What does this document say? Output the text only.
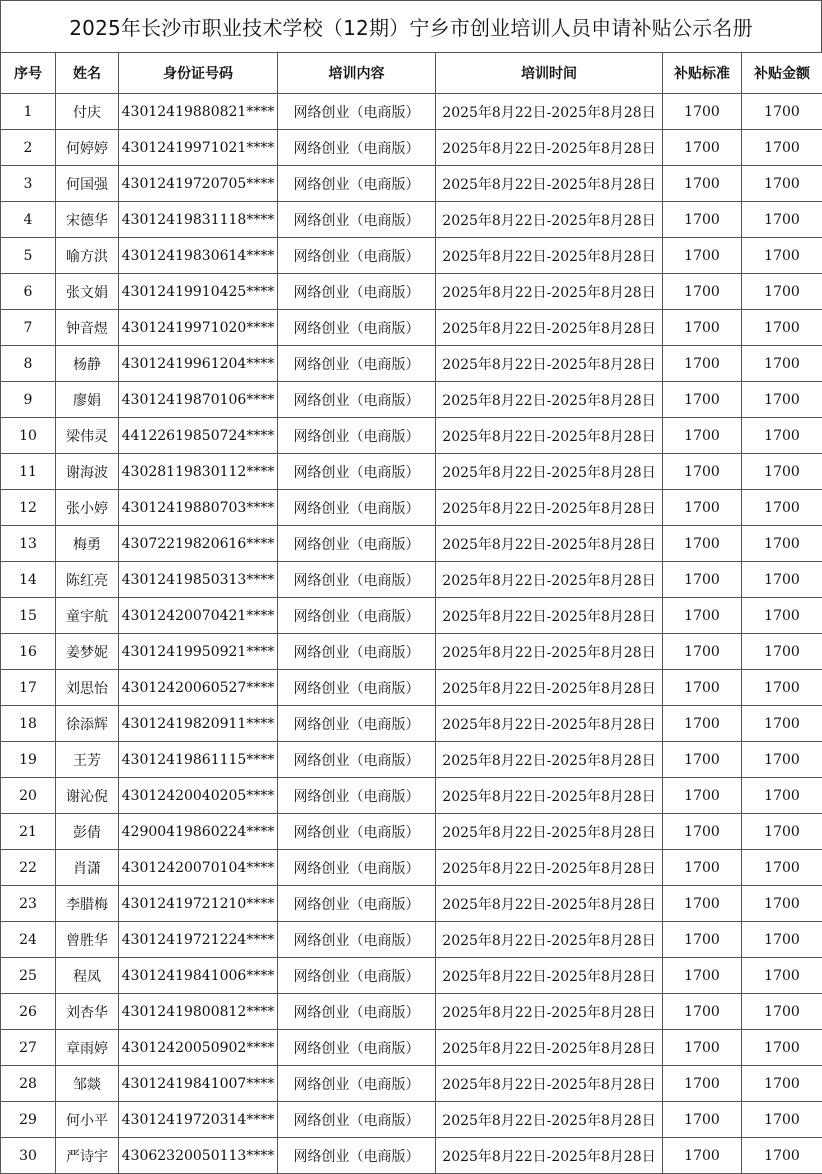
2025年长沙市职业技术学校（12期）宁乡市创业培训人员申请补贴公示名册
序号	姓名	身份证号码	培训内容	培训时间	补贴标准	补贴金额
1	付庆	43012419880821****	网络创业（电商版）	2025年8月22日-2025年8月28日	1700	1700
2	何婷婷	43012419971021****	网络创业（电商版）	2025年8月22日-2025年8月28日	1700	1700
3	何国强	43012419720705****	网络创业（电商版）	2025年8月22日-2025年8月28日	1700	1700
4	宋德华	43012419831118****	网络创业（电商版）	2025年8月22日-2025年8月28日	1700	1700
5	喻方洪	43012419830614****	网络创业（电商版）	2025年8月22日-2025年8月28日	1700	1700
6	张文娟	43012419910425****	网络创业（电商版）	2025年8月22日-2025年8月28日	1700	1700
7	钟音煜	43012419971020****	网络创业（电商版）	2025年8月22日-2025年8月28日	1700	1700
8	杨静	43012419961204****	网络创业（电商版）	2025年8月22日-2025年8月28日	1700	1700
9	廖娟	43012419870106****	网络创业（电商版）	2025年8月22日-2025年8月28日	1700	1700
10	梁伟灵	44122619850724****	网络创业（电商版）	2025年8月22日-2025年8月28日	1700	1700
11	谢海波	43028119830112****	网络创业（电商版）	2025年8月22日-2025年8月28日	1700	1700
12	张小婷	43012419880703****	网络创业（电商版）	2025年8月22日-2025年8月28日	1700	1700
13	梅勇	43072219820616****	网络创业（电商版）	2025年8月22日-2025年8月28日	1700	1700
14	陈红亮	43012419850313****	网络创业（电商版）	2025年8月22日-2025年8月28日	1700	1700
15	童宇航	43012420070421****	网络创业（电商版）	2025年8月22日-2025年8月28日	1700	1700
16	姜梦妮	43012419950921****	网络创业（电商版）	2025年8月22日-2025年8月28日	1700	1700
17	刘思怡	43012420060527****	网络创业（电商版）	2025年8月22日-2025年8月28日	1700	1700
18	徐添辉	43012419820911****	网络创业（电商版）	2025年8月22日-2025年8月28日	1700	1700
19	王芳	43012419861115****	网络创业（电商版）	2025年8月22日-2025年8月28日	1700	1700
20	谢沁倪	43012420040205****	网络创业（电商版）	2025年8月22日-2025年8月28日	1700	1700
21	彭倩	42900419860224****	网络创业（电商版）	2025年8月22日-2025年8月28日	1700	1700
22	肖潇	43012420070104****	网络创业（电商版）	2025年8月22日-2025年8月28日	1700	1700
23	李腊梅	43012419721210****	网络创业（电商版）	2025年8月22日-2025年8月28日	1700	1700
24	曾胜华	43012419721224****	网络创业（电商版）	2025年8月22日-2025年8月28日	1700	1700
25	程凤	43012419841006****	网络创业（电商版）	2025年8月22日-2025年8月28日	1700	1700
26	刘杏华	43012419800812****	网络创业（电商版）	2025年8月22日-2025年8月28日	1700	1700
27	章雨婷	43012420050902****	网络创业（电商版）	2025年8月22日-2025年8月28日	1700	1700
28	邹燚	43012419841007****	网络创业（电商版）	2025年8月22日-2025年8月28日	1700	1700
29	何小平	43012419720314****	网络创业（电商版）	2025年8月22日-2025年8月28日	1700	1700
30	严诗宇	43062320050113****	网络创业（电商版）	2025年8月22日-2025年8月28日	1700	1700
